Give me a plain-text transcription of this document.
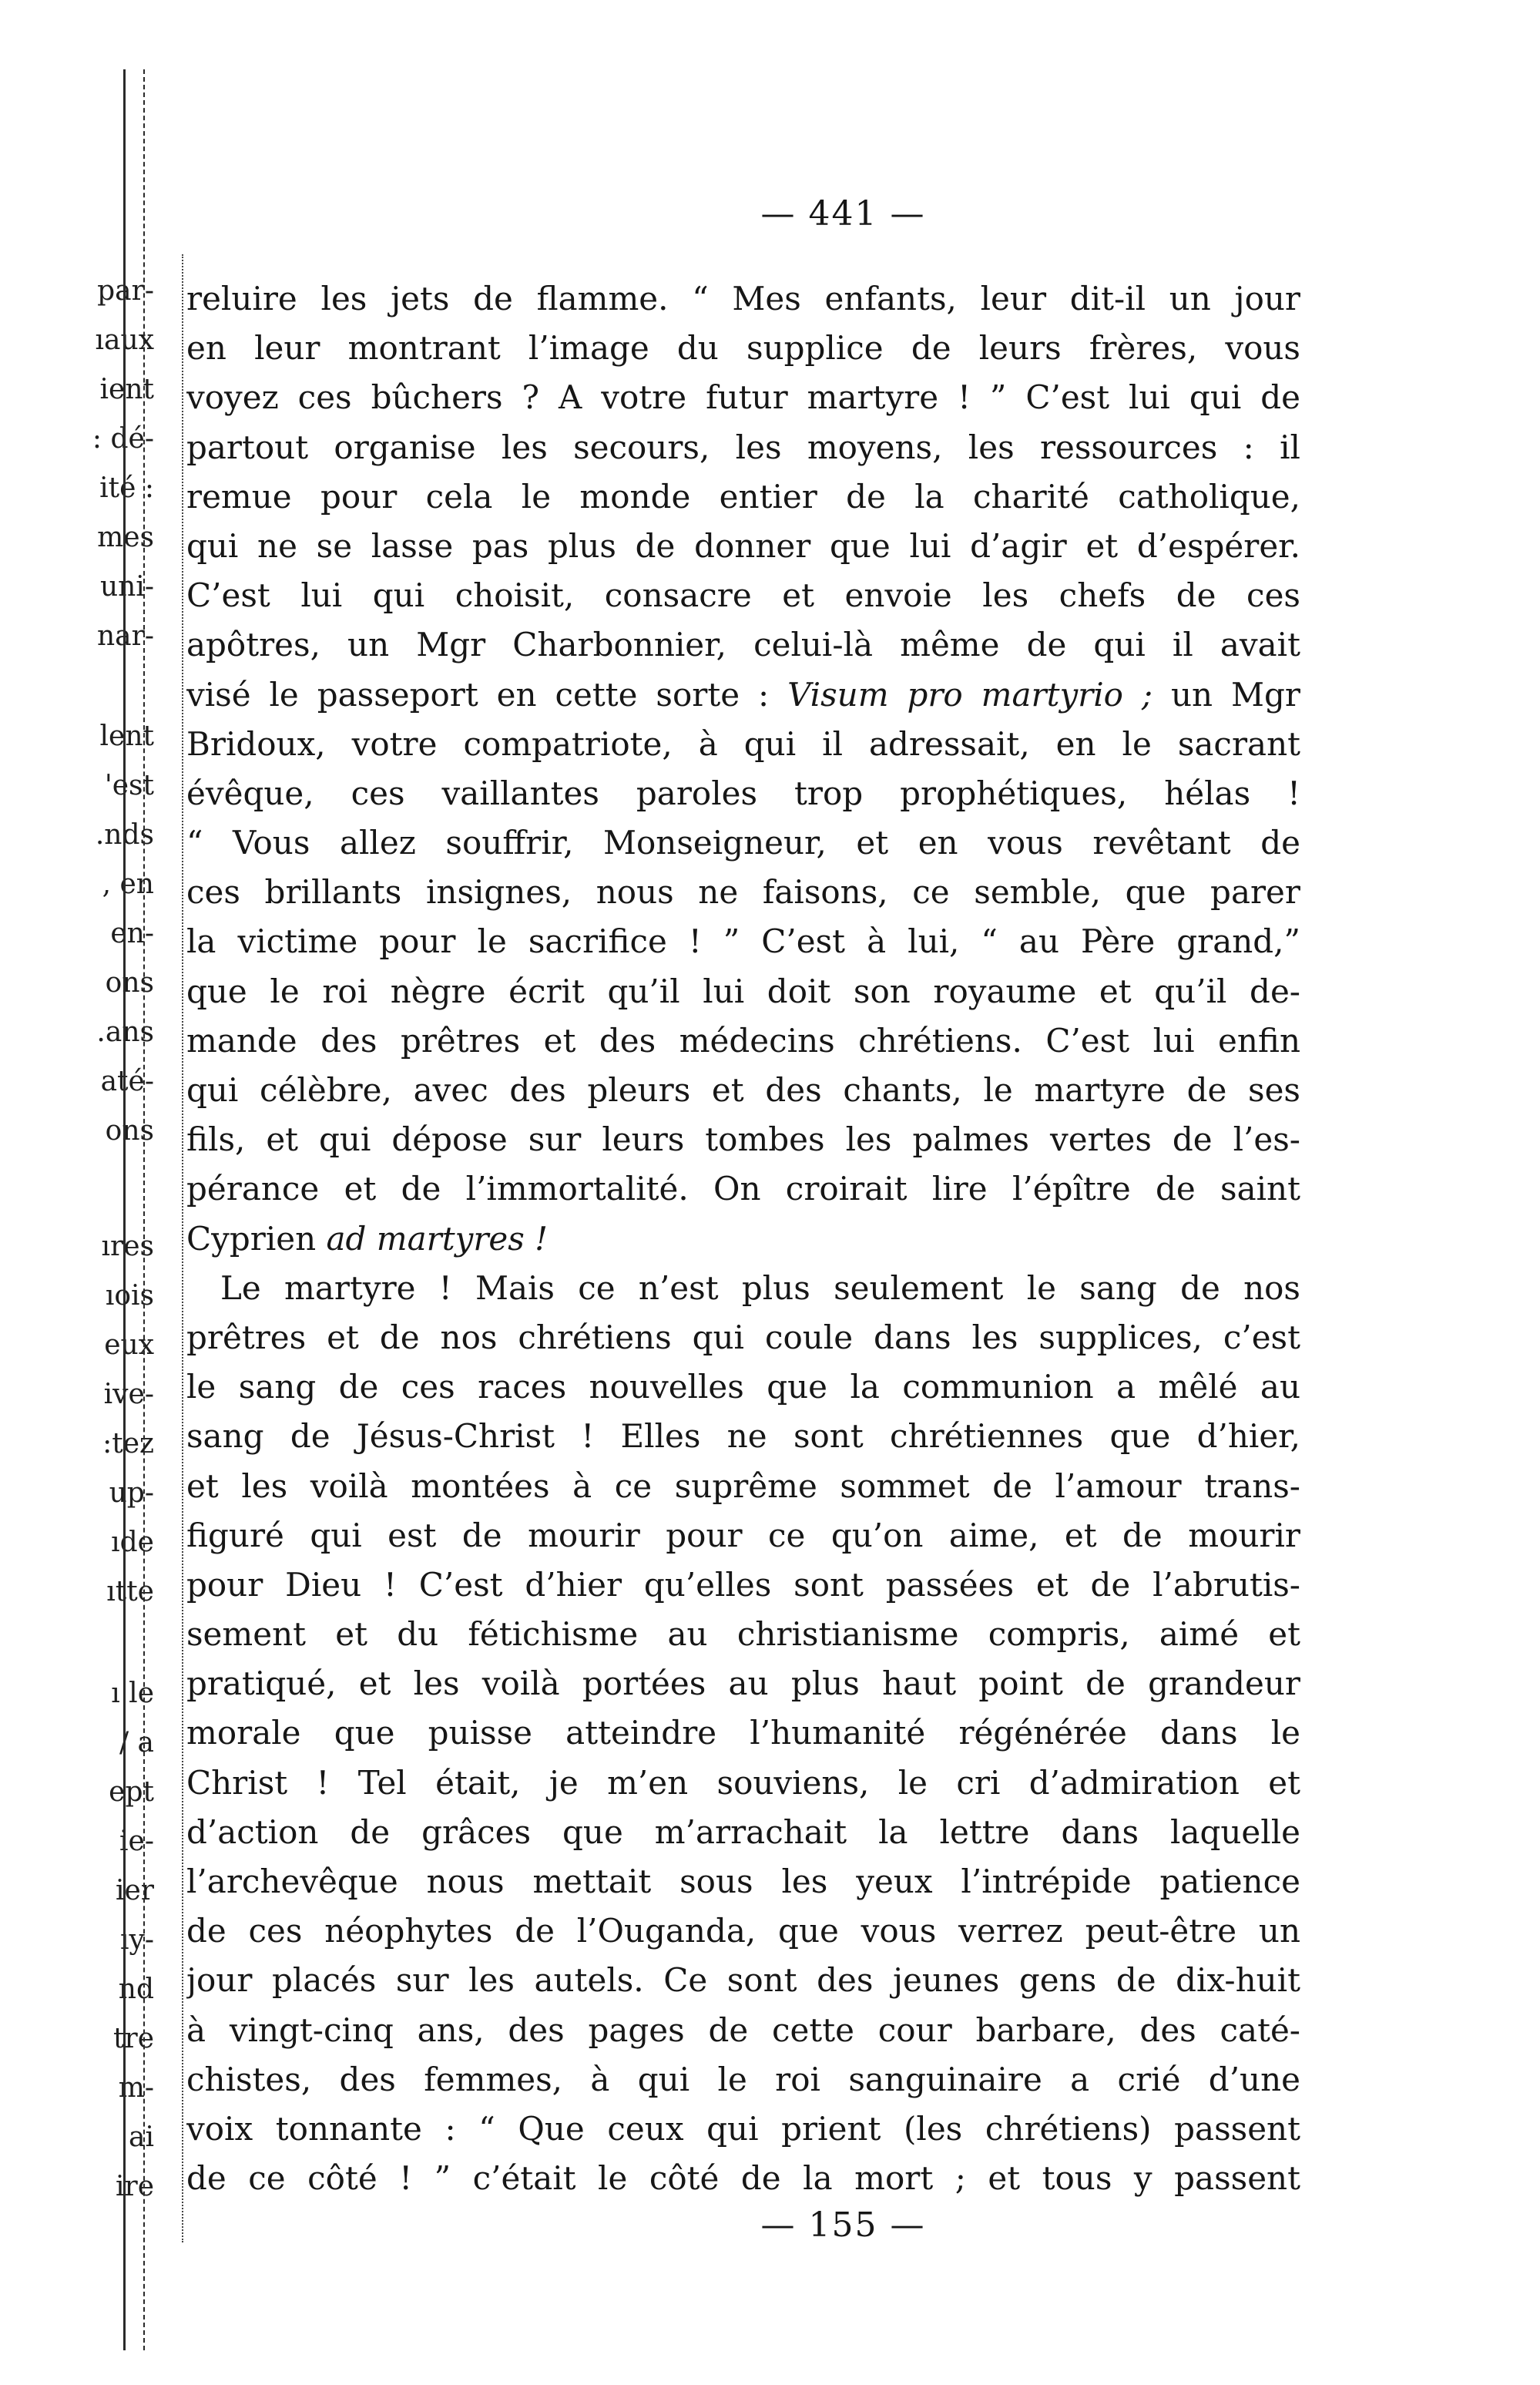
par-
ıaux
ient
: dé-
ité :
mes
uni-
nar-
lent
'est
.nds
, en
en-
ons
.ans
até-
ons
ıres
ıois
eux
ive-
:tez
up-
ıde
ıtte
ı le
/ a
ept
ie-
ier
ıy-
nd
tre
m-
ai
ire
— 441 —
reluire les jets de flamme. “ Mes enfants, leur dit-il un jour
en leur montrant l’image du supplice de leurs frères, vous
voyez ces bûchers ? A votre futur martyre ! ” C’est lui qui de
partout organise les secours, les moyens, les ressources : il
remue pour cela le monde entier de la charité catholique,
qui ne se lasse pas plus de donner que lui d’agir et d’espérer.
C’est lui qui choisit, consacre et envoie les chefs de ces
apôtres, un Mgr Charbonnier, celui-là même de qui il avait
visé le passeport en cette sorte : Visum pro martyrio ; un Mgr
Bridoux, votre compatriote, à qui il adressait, en le sacrant
évêque, ces vaillantes paroles trop prophétiques, hélas !
“ Vous allez souffrir, Monseigneur, et en vous revêtant de
ces brillants insignes, nous ne faisons, ce semble, que parer
la victime pour le sacrifice ! ” C’est à lui, “ au Père grand,”
que le roi nègre écrit qu’il lui doit son royaume et qu’il de-
mande des prêtres et des médecins chrétiens. C’est lui enfin
qui célèbre, avec des pleurs et des chants, le martyre de ses
fils, et qui dépose sur leurs tombes les palmes vertes de l’es-
pérance et de l’immortalité. On croirait lire l’épître de saint
Cyprien ad martyres !
Le martyre ! Mais ce n’est plus seulement le sang de nos
prêtres et de nos chrétiens qui coule dans les supplices, c’est
le sang de ces races nouvelles que la communion a mêlé au
sang de Jésus-Christ ! Elles ne sont chrétiennes que d’hier,
et les voilà montées à ce suprême sommet de l’amour trans-
figuré qui est de mourir pour ce qu’on aime, et de mourir
pour Dieu ! C’est d’hier qu’elles sont passées et de l’abrutis-
sement et du fétichisme au christianisme compris, aimé et
pratiqué, et les voilà portées au plus haut point de grandeur
morale que puisse atteindre l’humanité régénérée dans le
Christ ! Tel était, je m’en souviens, le cri d’admiration et
d’action de grâces que m’arrachait la lettre dans laquelle
l’archevêque nous mettait sous les yeux l’intrépide patience
de ces néophytes de l’Ouganda, que vous verrez peut-être un
jour placés sur les autels. Ce sont des jeunes gens de dix-huit
à vingt-cinq ans, des pages de cette cour barbare, des caté-
chistes, des femmes, à qui le roi sanguinaire a crié d’une
voix tonnante : “ Que ceux qui prient (les chrétiens) passent
de ce côté ! ” c’était le côté de la mort ; et tous y passent
— 155 —
